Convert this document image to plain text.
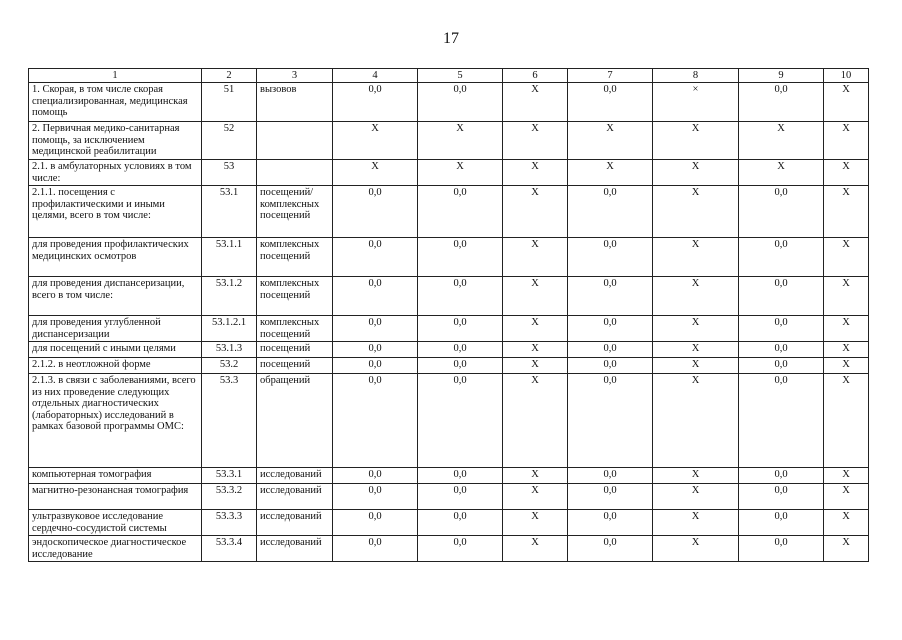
17
1	2	3	4	5	6	7	8	9	10
1. Скорая, в том числе скорая специализированная, медицинская помощь	51	вызовов	0,0	0,0	X	0,0	×	0,0	X
2. Первичная медико-санитарная помощь, за исключением медицинской реабилитации	52		X	X	X	X	X	X	X
2.1. в амбулаторных условиях в том числе:	53		X	X	X	X	X	X	X
2.1.1. посещения с профилактическими и иными целями, всего в том числе:	53.1	посещений/ комплексных посещений	0,0	0,0	X	0,0	X	0,0	X
для проведения профилактических медицинских осмотров	53.1.1	комплексных посещений	0,0	0,0	X	0,0	X	0,0	X
для проведения диспансеризации, всего в том числе:	53.1.2	комплексных посещений	0,0	0,0	X	0,0	X	0,0	X
для проведения углубленной диспансеризации	53.1.2.1	комплексных посещений	0,0	0,0	X	0,0	X	0,0	X
для посещений с иными целями	53.1.3	посещений	0,0	0,0	X	0,0	X	0,0	X
2.1.2. в неотложной форме	53.2	посещений	0,0	0,0	X	0,0	X	0,0	X
2.1.3. в связи с заболеваниями, всего из них проведение следующих отдельных диагностических (лабораторных) исследований в рамках базовой программы ОМС:	53.3	обращений	0,0	0,0	X	0,0	X	0,0	X
компьютерная томография	53.3.1	исследований	0,0	0,0	X	0,0	X	0,0	X
магнитно-резонансная томография	53.3.2	исследований	0,0	0,0	X	0,0	X	0,0	X
ультразвуковое исследование сердечно-сосудистой системы	53.3.3	исследований	0,0	0,0	X	0,0	X	0,0	X
эндоскопическое диагностическое исследование	53.3.4	исследований	0,0	0,0	X	0,0	X	0,0	X
